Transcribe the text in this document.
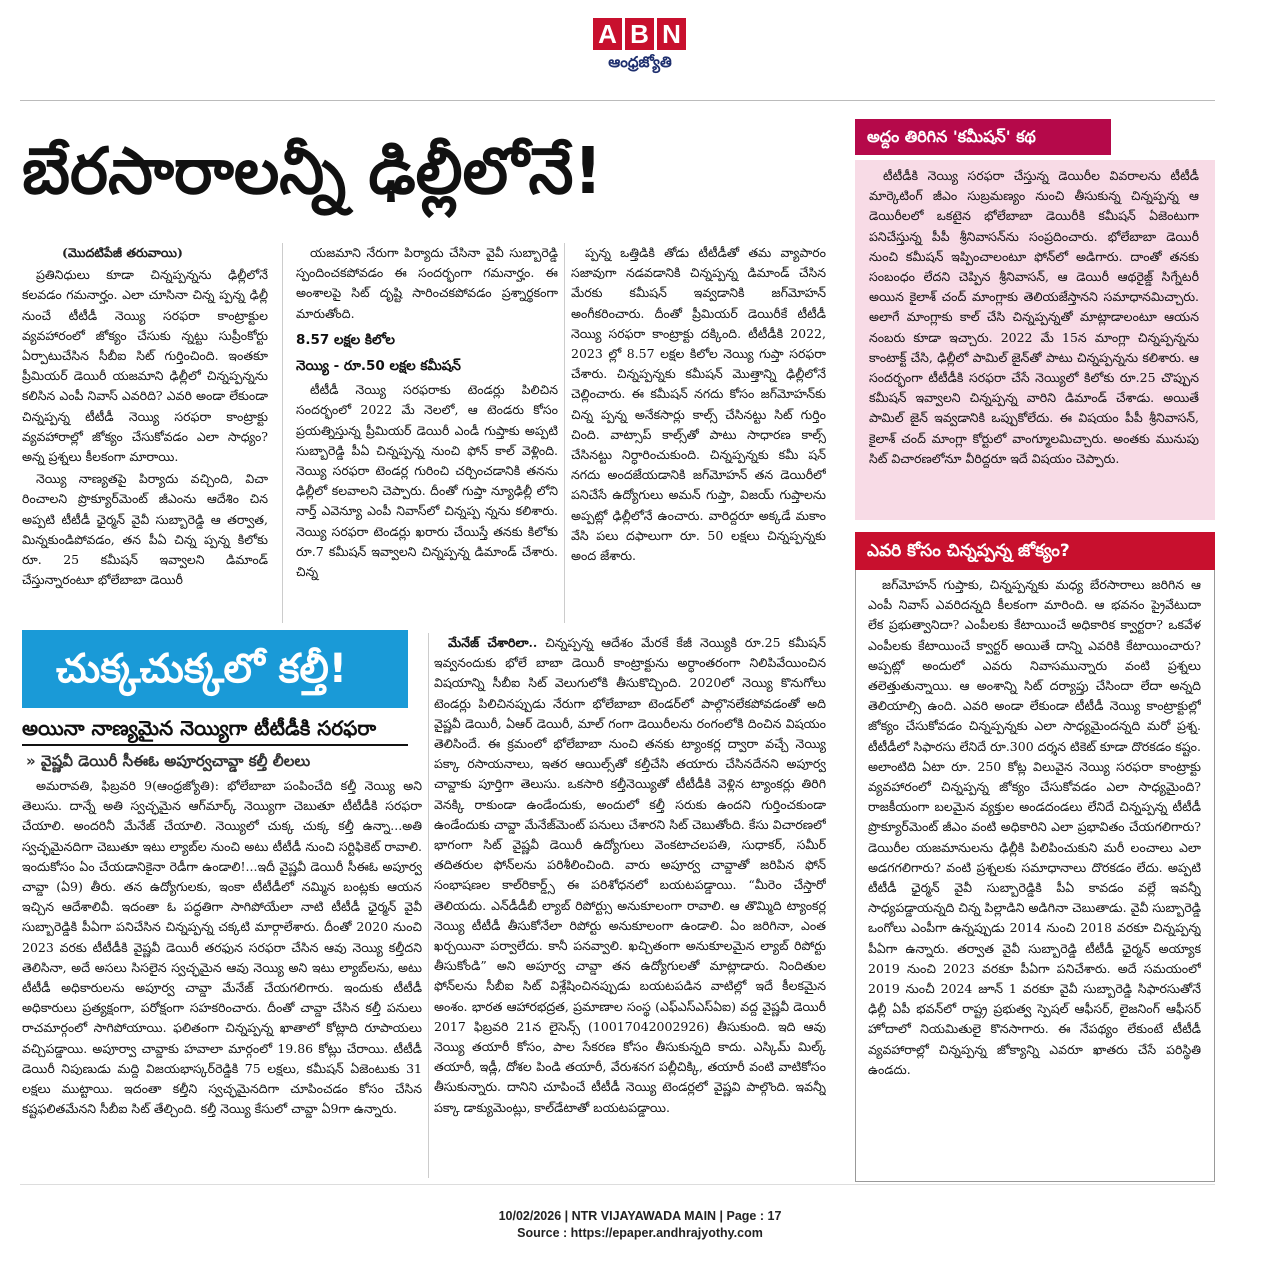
A B N
ఆంధ్రజ్యోతి
బేరసారాలన్నీ ఢిల్లీలోనే!

(మొదటిపేజీ తరువాయి)

ప్రతినిధులు కూడా చిన్నప్పన్నను ఢిల్లీలోనే కలవడం గమనార్హం. ఎలా చూసినా చిన్న ప్పన్న ఢిల్లీ నుంచే టీటీడీ నెయ్యి సరఫరా కాంట్రాక్టుల వ్యవహారంలో జోక్యం చేసుకు న్నట్టు సుప్రీంకోర్టు ఏర్పాటుచేసిన సీబీఐ సిట్ గుర్తించింది. ఇంతకూ ప్రీమియర్ డెయిరీ యజమాని ఢిల్లీలో చిన్నప్పన్నను కలిసిన ఎంపీ నివాస్ ఎవరిది? ఎవరి అండా లేకుండా చిన్నప్పన్న టీటీడీ నెయ్యి సరఫరా కాంట్రాక్టు వ్యవహారాల్లో జోక్యం చేసుకోవడం ఎలా సాధ్యం? అన్న ప్రశ్నలు కీలకంగా మారాయి.

నెయ్యి నాణ్యతపై పిర్యాదు వచ్చింది, విచా రించాలని ప్రొక్యూర్‌మెంట్ జీఎంను ఆదేశిం చిన అప్పటి టీటీడీ ఛైర్మన్ వైవీ సుబ్బారెడ్డి ఆ తర్వాత, మిన్నకుండిపోవడం, తన పీఏ చిన్న ప్పన్న కిలోకు రూ. 25 కమీషన్ ఇవ్వాలని డిమాండ్ చేస్తున్నారంటూ భోలేబాబా డెయిరీ

యజమాని నేరుగా పిర్యాదు చేసినా వైవీ సుబ్బారెడ్డి స్పందించకపోవడం ఈ సందర్భంగా గమనార్హం. ఈ అంశాలపై సిట్ దృష్టి సారించకపోవడం ప్రశ్నార్థకంగా మారుతోంది.

8.57 లక్షల కిలోల

నెయ్యి - రూ.50 లక్షల కమీషన్

టీటీడీ నెయ్యి సరఫరాకు టెండర్లు పిలిచిన సందర్భంలో 2022 మే నెలలో, ఆ టెండరు కోసం ప్రయత్నిస్తున్న ప్రీమియర్ డెయిరీ ఎండీ గుప్తాకు అప్పటి సుబ్బారెడ్డి పీఏ చిన్నప్పన్న నుంచి ఫోన్ కాల్ వెళ్లింది. నెయ్యి సరఫరా టెండర్ల గురించి చర్చించడానికి తనను ఢిల్లీలో కలవాలని చెప్పారు. దీంతో గుప్తా న్యూఢిల్లీ లోని నార్త్ ఎవెన్యూ ఎంపీ నివాస్‌లో చిన్నప్ప న్నను కలిశారు. నెయ్యి సరఫరా టెండర్లు ఖరారు చేయిస్తే తనకు కిలోకు రూ.7 కమీషన్ ఇవ్వాలని చిన్నప్పన్న డిమాండ్ చేశారు. చిన్న

ప్పన్న ఒత్తిడికి తోడు టీటీడీతో తమ వ్యాపారం సజావుగా నడవడానికి చిన్నప్పన్న డిమాండ్ చేసిన మేరకు కమీషన్ ఇవ్వడానికి జగ్‌మోహన్ అంగీకరించారు. దీంతో ప్రీమియర్ డెయిరీకే టీటీడీ నెయ్యి సరఫరా కాంట్రాక్టు దక్కింది. టీటీడీకి 2022, 2023 ల్లో 8.57 లక్షల కిలోల నెయ్యి గుప్తా సరఫరా చేశారు. చిన్నప్పన్నకు కమీషన్ మొత్తాన్ని ఢిల్లీలోనే చెల్లించారు. ఈ కమీషన్ నగదు కోసం జగ్‌మోహన్‌కు చిన్న ప్పన్న అనేకసార్లు కాల్స్ చేసినట్టు సిట్ గుర్తిం చింది. వాట్సాప్ కాల్స్‌తో పాటు సాధారణ కాల్స్ చేసినట్టు నిర్ధారించుకుంది. చిన్నప్పన్నకు కమీ షన్ నగదు అందజేయడానికి జగ్‌మోహన్ తన డెయిరీలో పనిచేసే ఉద్యోగులు అమన్ గుప్తా, విజయ్ గుప్తాలను అప్పట్లో ఢిల్లీలోనే ఉంచారు. వారిద్దరూ అక్కడే మకాం వేసి పలు దఫాలుగా రూ. 50 లక్షలు చిన్నప్పన్నకు అంద జేశారు.

అద్దం తిరిగిన 'కమీషన్' కథ

టీటీడీకి నెయ్యి సరఫరా చేస్తున్న డెయిరీల వివరాలను టీటీడీ మార్కెటింగ్ జీఎం సుబ్రమణ్యం నుంచి తీసుకున్న చిన్నప్పన్న ఆ డెయిరీలలో ఒకటైన భోలేబాబా డెయిరీకి కమీషన్ ఏజెంటుగా పనిచేస్తున్న పీపీ శ్రీనివాసన్‌ను సంప్రదించారు. భోలేబాబా డెయిరీ నుంచి కమీషన్ ఇప్పించాలంటూ ఫోన్‌లో అడిగారు. దాంతో తనకు సంబంధం లేదని చెప్పిన శ్రీనివాసన్, ఆ డెయిరీ ఆథరైజ్డ్ సిగ్నేటరీ అయిన కైలాశ్ చంద్ మాంగ్లాకు తెలియజేస్తానని సమాధానమిచ్చారు. అలాగే మాంగ్లాకు కాల్ చేసి చిన్నప్పన్నతో మాట్లాడాలంటూ ఆయన నంబరు కూడా ఇచ్చారు. 2022 మే 15న మాంగ్లా చిన్నప్పన్నను కాంటాక్ట్ చేసి, ఢిల్లీలో పామిల్ జైన్‌తో పాటు చిన్నప్పన్నను కలిశారు. ఆ సందర్భంగా టీటీడీకి సరఫరా చేసే నెయ్యిలో కిలోకు రూ.25 చొప్పున కమీషన్ ఇవ్వాలని చిన్నప్పన్న వారిని డిమాండ్ చేశాడు. అయితే పామిల్ జైన్ ఇవ్వడానికి ఒప్పుకోలేదు. ఈ విషయం పీపీ శ్రీనివాసన్, కైలాశ్ చంద్ మాంగ్లా కోర్టులో వాంగ్మూలమిచ్చారు. అంతకు మునుపు సిట్ విచారణలోనూ వీరిద్దరూ ఇదే విషయం చెప్పారు.

ఎవరి కోసం చిన్నప్పన్న జోక్యం?

జగ్‌మోహన్ గుప్తాకు, చిన్నప్పన్నకు మధ్య బేరసారాలు జరిగిన ఆ ఎంపీ నివాస్ ఎవరిదన్నది కీలకంగా మారింది. ఆ భవనం ప్రైవేటుదా లేక ప్రభుత్వానిదా? ఎంపీలకు కేటాయించే అధికారిక క్వార్టరా? ఒకవేళ ఎంపీలకు కేటాయించే క్వార్టర్ అయితే దాన్ని ఎవరికి కేటాయించారు? అప్పట్లో అందులో ఎవరు నివాసమున్నారు వంటి ప్రశ్నలు తలెత్తుతున్నాయి. ఆ అంశాన్ని సిట్ దర్యాప్తు చేసిందా లేదా అన్నది తెలియాల్సి ఉంది. ఎవరి అండా లేకుండా టీటీడీ నెయ్యి కాంట్రాక్టుల్లో జోక్యం చేసుకోవడం చిన్నప్పన్నకు ఎలా సాధ్యమైందన్నది మరో ప్రశ్న. టీటీడీలో సిఫారసు లేనిదే రూ.300 దర్శన టికెట్ కూడా దొరకడం కష్టం. అలాంటిది ఏటా రూ. 250 కోట్ల విలువైన నెయ్యి సరఫరా కాంట్రాక్టు వ్యవహారంలో చిన్నప్పన్న జోక్యం చేసుకోవడం ఎలా సాధ్యమైంది? రాజకీయంగా బలమైన వ్యక్తుల అండదండలు లేనిదే చిన్నప్పన్న టీటీడీ ప్రొక్యూర్‌మెంట్ జీఎం వంటి అధికారిని ఎలా ప్రభావితం చేయగలిగారు? డెయిరీల యజమానులను ఢిల్లీకి పిలిపించుకుని మరీ లంచాలు ఎలా అడగగలిగారు? వంటి ప్రశ్నలకు సమాధానాలు దొరకడం లేదు. అప్పటి టీటీడీ ఛైర్మన్ వైవీ సుబ్బారెడ్డికి పీఏ కావడం వల్లే ఇవన్నీ సాధ్యపడ్డాయన్నది చిన్న పిల్లాడిని అడిగినా చెబుతాడు. వైవీ సుబ్బారెడ్డి ఒంగోలు ఎంపీగా ఉన్నప్పుడు 2014 నుంచి 2018 వరకూ చిన్నప్పన్న పీఏగా ఉన్నారు. తర్వాత వైవీ సుబ్బారెడ్డి టీటీడీ ఛైర్మన్ అయ్యాక 2019 నుంచి 2023 వరకూ పీఏగా పనిచేశారు. అదే సమయంలో 2019 నుంచీ 2024 జూన్ 1 వరకూ వైవీ సుబ్బారెడ్డి సిఫారసుతోనే ఢిల్లీ ఏపీ భవన్‌లో రాష్ట్ర ప్రభుత్వ స్పెషల్ ఆఫీసర్, లైజనింగ్ ఆఫీసర్ హోదాలో నియమితులై కొనసాగారు. ఈ నేపథ్యం లేకుంటే టీటీడీ వ్యవహారాల్లో చిన్నప్పన్న జోక్యాన్ని ఎవరూ ఖాతరు చేసే పరిస్థితి ఉండదు.

చుక్కచుక్కలో కల్తీ!
అయినా నాణ్యమైన నెయ్యిగా టీటీడీకి సరఫరా
» వైష్ణవీ డెయిరీ సీఈఓ అపూర్వచావ్డా కల్తీ లీలలు

అమరావతి, ఫిబ్రవరి 9(ఆంధ్రజ్యోతి): భోలేబాబా పంపించేది కల్తీ నెయ్యి అని తెలుసు. దాన్నే అతి స్వచ్ఛమైన ఆగ్‌మార్క్ నెయ్యిగా చెబుతూ టీటీడీకి సరఫరా చేయాలి. అందరినీ మేనేజ్ చేయాలి. నెయ్యిలో చుక్క చుక్క కల్తీ ఉన్నా...అతి స్వచ్ఛమైనదిగా చెబుతూ ఇటు ల్యాబ్‌ల నుంచి అటు టీటీడీ నుంచి సర్టిఫికెట్ రావాలి. ఇందుకోసం ఏం చేయడానికైనా రెడీగా ఉండాలి!...ఇదీ వైష్ణవీ డెయిరీ సీఈఓ అపూర్వ చావ్డా (ఏ9) తీరు. తన ఉద్యోగులకు, ఇంకా టీటీడీలో నమ్మిన బంట్లకు ఆయన ఇచ్చిన ఆదేశాలివీ. ఇదంతా ఓ పద్ధతిగా సాగిపోయేలా నాటి టీటీడీ ఛైర్మన్ వైవీ సుబ్బారెడ్డికి పీఏగా పనిచేసిన చిన్నప్పన్న చక్కటి మార్గాలేశారు. దీంతో 2020 నుంచి 2023 వరకు టీటీడీకి వైష్ణవీ డెయిరీ తరఫున సరఫరా చేసిన ఆవు నెయ్యి కల్తీదని తెలిసినా, అదే అసలు సిసలైన స్వచ్ఛమైన ఆవు నెయ్యి అని ఇటు ల్యాబ్‌లను, అటు టీటీడీ అధికారులను అపూర్వ చావ్డా మేనేజ్ చేయగలిగారు. ఇందుకు టీటీడీ అధికారులు ప్రత్యక్షంగా, పరోక్షంగా సహకరించారు. దీంతో చావ్డా చేసిన కల్తీ పనులు రాచమార్గంలో సాగిపోయాయి. ఫలితంగా చిన్నప్పన్న ఖాతాలో కోట్లాది రూపాయలు వచ్చిపడ్డాయి. అపూర్వా చావ్డాకు హవాలా మార్గంలో 19.86 కోట్లు చేరాయి. టీటీడీ డెయిరీ నిపుణుడు మద్ది విజయభాస్కర్‌రెడ్డికి 75 లక్షలు, కమీషన్ ఏజెంటుకు 31 లక్షలు ముట్టాయి. ఇదంతా కల్తీని స్వచ్ఛమైనదిగా చూపించడం కోసం చేసిన కష్టఫలితమేనని సీబీఐ సిట్ తేల్చింది. కల్తీ నెయ్యి కేసులో చావ్డా ఏ9గా ఉన్నారు.

మేనేజ్ చేశారిలా.. చిన్నప్పన్న ఆదేశం మేరకే కేజీ నెయ్యికి రూ.25 కమీషన్ ఇవ్వనందుకు భోలే బాబా డెయిరీ కాంట్రాక్టును అర్ధాంతరంగా నిలిపివేయించిన విషయాన్ని సీబీఐ సిట్ వెలుగులోకి తీసుకొచ్చింది. 2020లో నెయ్యి కొనుగోలు టెండర్లు పిలిచినప్పుడు నేరుగా భోలేబాబా టెండర్‌లో పాల్గొనలేకపోవడంతో అది వైష్ణవీ డెయిరీ, ఏఆర్ డెయిరీ, మాల్ గంగా డెయిరీలను రంగంలోకి దించిన విషయం తెలిసిందే. ఈ క్రమంలో భోలేబాబా నుంచి తనకు ట్యాంకర్ల ద్వారా వచ్చే నెయ్యి పక్కా రసాయనాలు, ఇతర ఆయిల్స్‌తో కల్తీచేసి తయారు చేసినదేనని అపూర్వ చావ్డాకు పూర్తిగా తెలుసు. ఒకసారి కల్తీనెయ్యితో టీటీడీకి వెళ్లిన ట్యాంకర్లు తిరిగి వెనక్కి రాకుండా ఉండేందుకు, అందులో కల్తీ సరుకు ఉందని గుర్తించకుండా ఉండేందుకు చావ్డా మేనేజ్‌మెంట్ పనులు చేశారని సిట్ చెబుతోంది. కేసు విచారణలో భాగంగా సిట్ వైష్ణవీ డెయిరీ ఉద్యోగులు వెంకటాచలపతి, సుధాకర్, సమీర్ తదితరుల ఫోన్‌లను పరిశీలించింది. వారు అపూర్వ చావ్డాతో జరిపిన ఫోన్ సంభాషణల కాల్‌రికార్డ్స్ ఈ పరిశోధనలో బయటపడ్డాయి. “మీరెం చేస్తారో తెలియదు. ఎన్‌డీడీబీ ల్యాబ్ రిపోర్ట్సు అనుకూలంగా రావాలి. ఆ తొమ్మిది ట్యాంకర్ల నెయ్యి టీటీడీ తీసుకోనేలా రిపోర్టు అనుకూలంగా ఉండాలి. ఏం జరిగినా, ఎంత ఖర్చయినా పర్వాలేదు. కానీ పనవ్వాలి. ఖచ్చితంగా అనుకూలమైన ల్యాబ్ రిపోర్టు తీసుకోండి” అని అపూర్వ చావ్డా తన ఉద్యోగులతో మాట్లాడారు. నిందితుల ఫోన్‌లను సీబీఐ సిట్ విశ్లేషించినప్పుడు బయటపడిన వాటిల్లో ఇదే కీలకమైన అంశం. భారత ఆహారభద్రత, ప్రమాణాల సంస్థ (ఎఫ్‌ఎస్‌ఎస్‌ఏఐ) వద్ద వైష్ణవీ డెయిరీ 2017 ఫిబ్రవరి 21న లైసెన్స్ (10017042002926) తీసుకుంది. ఇది ఆవు నెయ్యి తయారీ కోసం, పాల సేకరణ కోసం తీసుకున్నది కాదు. ఎస్కిమ్ మిల్క్ తయారీ, ఇడ్లీ, దోశల పిండి తయారీ, వేరుశనగ పల్లీచిక్కి, తయారీ వంటి వాటికోసం తీసుకున్నారు. దానిని చూపించే టీటీడీ నెయ్యి టెండర్లలో వైష్ణవి పాల్గొంది. ఇవన్నీ పక్కా డాక్యుమెంట్లు, కాల్‌డేటాతో బయటపడ్డాయి.

10/02/2026 | NTR VIJAYAWADA MAIN | Page : 17
Source : https://epaper.andhrajyothy.com
